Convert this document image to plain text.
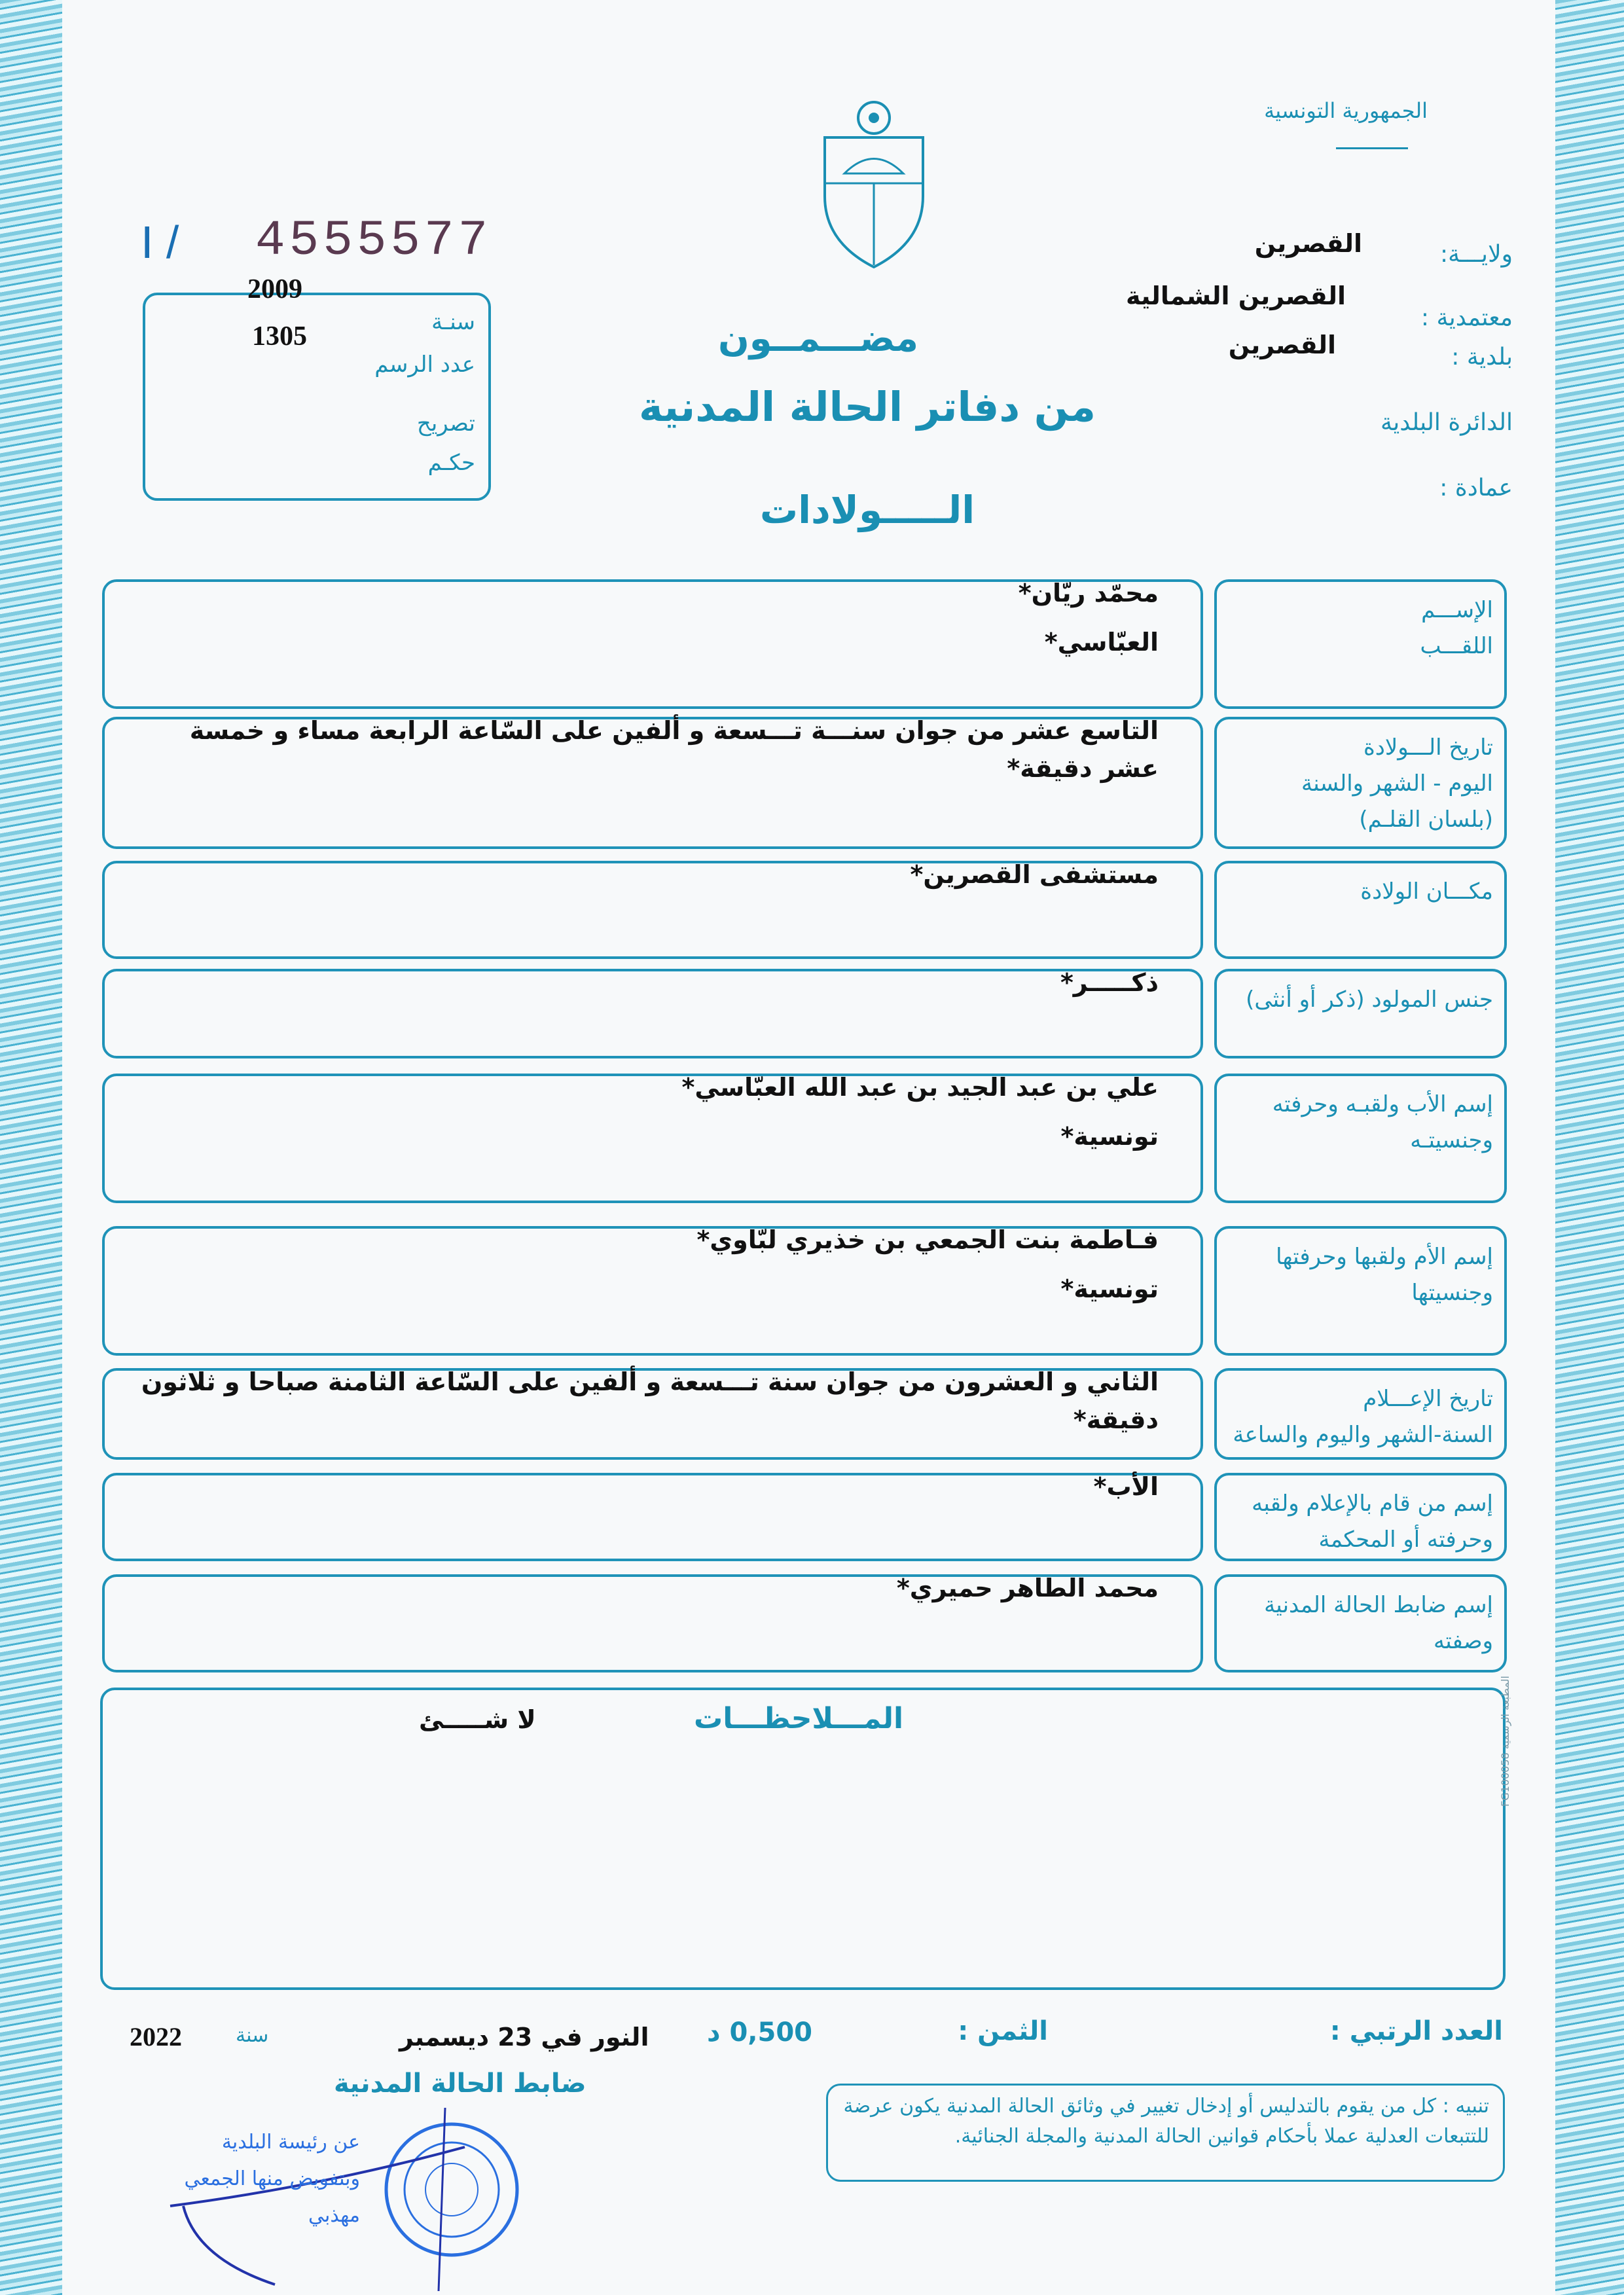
الجمهورية التونسية
ولايـــة:
القصرين
معتمدية :
القصرين الشمالية
بلدية :
القصرين
الدائرة البلدية
عمادة :
I / 4555577
2009
1305	سنـة
عدد الرسم
تصريح
حكـم
مضـــمــون
من دفاتر الحالة المدنية
الـــــولادات
الإســـم
اللقـــب
محمّد ريّان*
العبّاسي*
تاريخ الـــولادة
اليوم - الشهر والسنة
(بلسان القلـم)
التاسع عشر من جوان سنـــة تـــسعة و ألفين على السّاعة الرابعة مساء و خمسة عشر دقيقة*
مكـــان الولادة
مستشفى القصرين*
جنس المولود (ذكر أو أنثى)
ذكـــــر*
إسم الأب ولقبـه وحرفته
وجنسيتـه
علي بن عبد الجيد بن عبد الله العبّاسي*
تونسية*
إسم الأم ولقبها وحرفتها
وجنسيتها
فـاطمة بنت الجمعي بن خذيري لبّاوي*
تونسية*
تاريخ الإعـــلام
السنة-الشهر واليوم والساعة
الثاني و العشرون من جوان سنة تـــسعة و ألفين على السّاعة الثامنة صباحا و ثلاثون دقيقة*
إسم من قام بالإعلام ولقبه
وحرفته أو المحكمة
الأب*
إسم ضابط الحالة المدنية
وصفته
محمد الطاهر حميري*
المـــلاحظـــات
لا شـــــئ
المطبعة الرسمية FG100058
العدد الرتبي :
الثمن :
0,500 د
النور في 23 ديسمبر
سنة
2022
ضابط الحالة المدنية
تنبيه : كل من يقوم بالتدليس أو إدخال تغيير في وثائق الحالة المدنية يكون عرضة للتتبعات العدلية عملا بأحكام قوانين الحالة المدنية والمجلة الجنائية.
عن رئيسة البلدية وبتفويض منها الجمعي مهذبي
